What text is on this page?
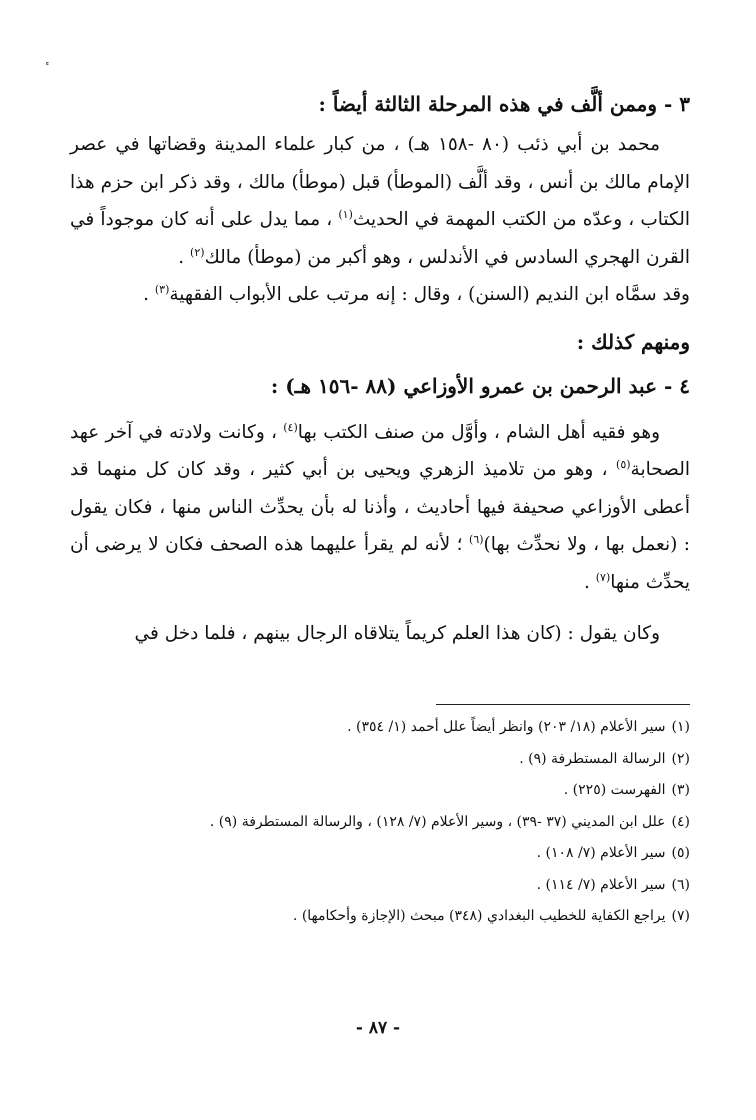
٣ - وممن ألَّف في هذه المرحلة الثالثة أيضاً :

محمد بن أبي ذئب (٨٠ -١٥٨ هـ) ، من كبار علماء المدينة وقضاتها في عصر الإمام مالك بن أنس ، وقد ألَّف (الموطأ) قبل (موطأ) مالك ، وقد ذكر ابن حزم هذا الكتاب ، وعدّه من الكتب المهمة في الحديث$^{(١)}$ ، مما يدل على أنه كان موجوداً في القرن الهجري السادس في الأندلس ، وهو أكبر من (موطأ) مالك$^{(٢)}$ .

وقد سمَّاه ابن النديم (السنن) ، وقال : إنه مرتب على الأبواب الفقهية$^{(٣)}$ .

ومنهم كذلك :
٤ - عبد الرحمن بن عمرو الأوزاعي (٨٨ -١٥٦ هـ) :

وهو فقيه أهل الشام ، وأوَّل من صنف الكتب بها$^{(٤)}$ ، وكانت ولادته في آخر عهد الصحابة$^{(٥)}$ ، وهو من تلاميذ الزهري ويحيى بن أبي كثير ، وقد كان كل منهما قد أعطى الأوزاعي صحيفة فيها أحاديث ، وأذنا له بأن يحدِّث الناس منها ، فكان يقول : (نعمل بها ، ولا نحدِّث بها)$^{(٦)}$ ؛ لأنه لم يقرأ عليهما هذه الصحف فكان لا يرضى أن يحدِّث منها$^{(٧)}$ .

وكان يقول : (كان هذا العلم كريماً يتلاقاه الرجال بينهم ، فلما دخل في

(١)سير الأعلام (١٨/ ٢٠٣) وانظر أيضاً علل أحمد (١/ ٣٥٤) .
(٢)الرسالة المستطرفة (٩) .
(٣)الفهرست (٢٢٥) .
(٤)علل ابن المديني (٣٧ -٣٩) ، وسير الأعلام (٧/ ١٢٨) ، والرسالة المستطرفة (٩) .
(٥)سير الأعلام (٧/ ١٠٨) .
(٦)سير الأعلام (٧/ ١١٤) .
(٧)يراجع الكفاية للخطيب البغدادي (٣٤٨) مبحث (الإجازة وأحكامها) .
- ٨٧ -
